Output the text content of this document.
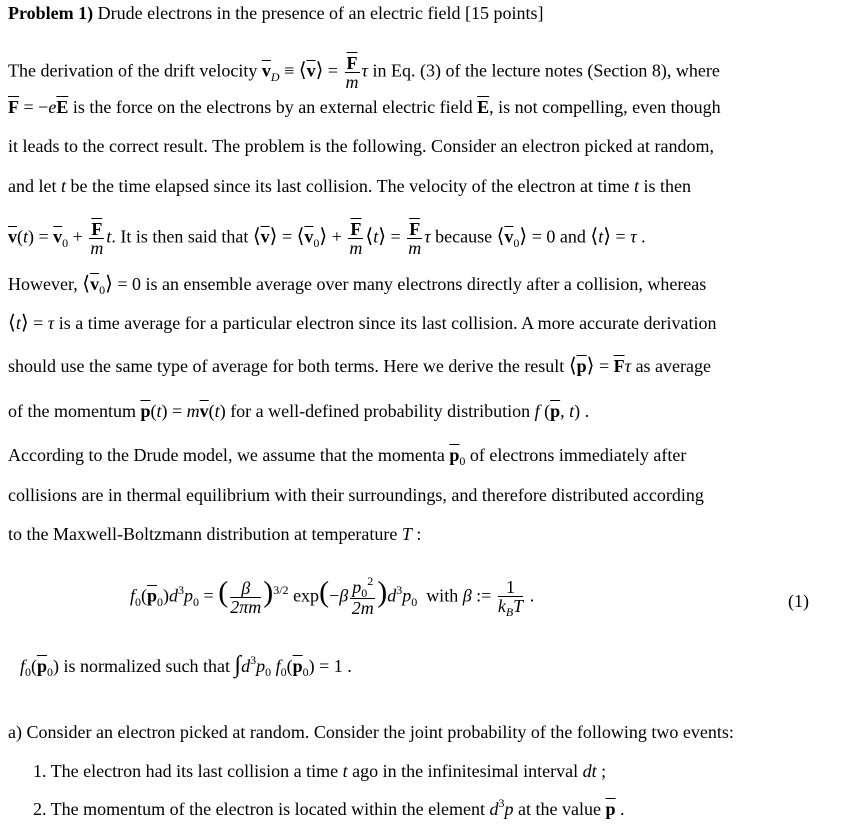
Problem 1) Drude electrons in the presence of an electric field [15 points]
The derivation of the drift velocity $\overline{v}_D$ ≡ $⟨\overline{v}⟩ = \frac{\overline{F}}{m}$ τ in Eq. (3) of the lecture notes (Section 8), where
$\overline{F} = -e\overline{E}$ is the force on the electrons by an external electric field $\overline{E}$, is not compelling, even though
it leads to the correct result. The problem is the following. Consider an electron picked at random,
and let t be the time elapsed since its last collision. The velocity of the electron at time t is then
$\overline{v}(t) = \overline{v}_0 + \frac{\overline{F}}{m} t$. It is then said that $⟨\overline{v}⟩$ = $⟨\overline{v}_0⟩ + \frac{\overline{F}}{m}$ ⟨t⟩ = $\frac{\overline{F}}{m}$ τ because $⟨\overline{v}_0⟩ = 0$ and ⟨t⟩ = τ .
However, $⟨\overline{v}_0⟩ = 0$ is an ensemble average over many electrons directly after a collision, whereas
⟨t⟩ = τ is a time average for a particular electron since its last collision. A more accurate derivation
should use the same type of average for both terms. Here we derive the result $⟨\overline{p}⟩ = \overline{F}\tau$ as average
of the momentum $\overline{p}(t) = m\overline{v}(t)$ for a well-defined probability distribution f ($\overline{p}$, t) .
According to the Drude model, we assume that the momenta $\overline{p}_0$ of electrons immediately after
collisions are in thermal equilibrium with their surroundings, and therefore distributed according
to the Maxwell-Boltzmann distribution at temperature T :
$f_0(\overline{p}_0)d^3p_0$ = ( $\frac{\beta}{2\pi m} )^{3/2}$ $\exp(-\beta \frac{p_0^2}{2m} )d^3p_0$ with β := $\frac{1}{k_BT}$ .	(1)
$f_0(\overline{p}_0)$ is normalized such that $\int d^3p_0$ $f_0(\overline{p}_0) = 1$ .
a) Consider an electron picked at random. Consider the joint probability of the following two events:
1. The electron had its last collision a time t ago in the infinitesimal interval dt ;
2. The momentum of the electron is located within the element $d^3p$ at the value $\overline{p}$ .
